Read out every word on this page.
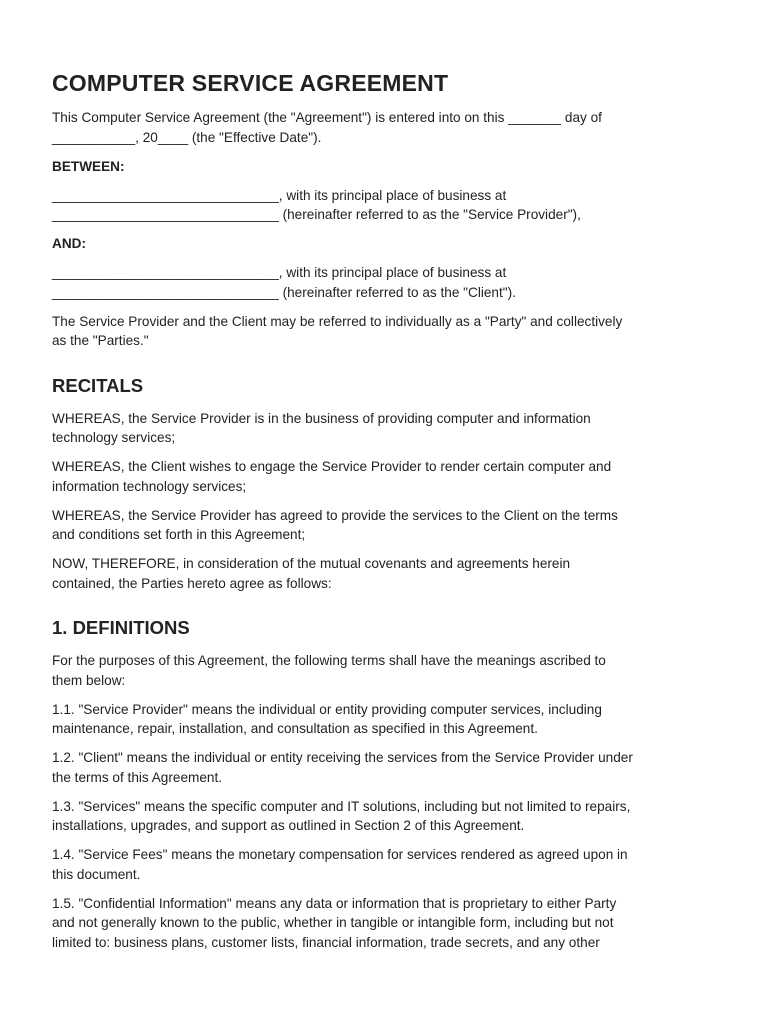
COMPUTER SERVICE AGREEMENT

This Computer Service Agreement (the "Agreement") is entered into on this _______ day of
___________, 20____ (the "Effective Date").

BETWEEN:

______________________________, with its principal place of business at
______________________________ (hereinafter referred to as the "Service Provider"),

AND:

______________________________, with its principal place of business at
______________________________ (hereinafter referred to as the "Client").

The Service Provider and the Client may be referred to individually as a "Party" and collectively
as the "Parties."

RECITALS

WHEREAS, the Service Provider is in the business of providing computer and information
technology services;

WHEREAS, the Client wishes to engage the Service Provider to render certain computer and
information technology services;

WHEREAS, the Service Provider has agreed to provide the services to the Client on the terms
and conditions set forth in this Agreement;

NOW, THEREFORE, in consideration of the mutual covenants and agreements herein
contained, the Parties hereto agree as follows:

1. DEFINITIONS

For the purposes of this Agreement, the following terms shall have the meanings ascribed to
them below:

1.1. "Service Provider" means the individual or entity providing computer services, including
maintenance, repair, installation, and consultation as specified in this Agreement.

1.2. "Client" means the individual or entity receiving the services from the Service Provider under
the terms of this Agreement.

1.3. "Services" means the specific computer and IT solutions, including but not limited to repairs,
installations, upgrades, and support as outlined in Section 2 of this Agreement.

1.4. "Service Fees" means the monetary compensation for services rendered as agreed upon in
this document.

1.5. "Confidential Information" means any data or information that is proprietary to either Party
and not generally known to the public, whether in tangible or intangible form, including but not
limited to: business plans, customer lists, financial information, trade secrets, and any other
